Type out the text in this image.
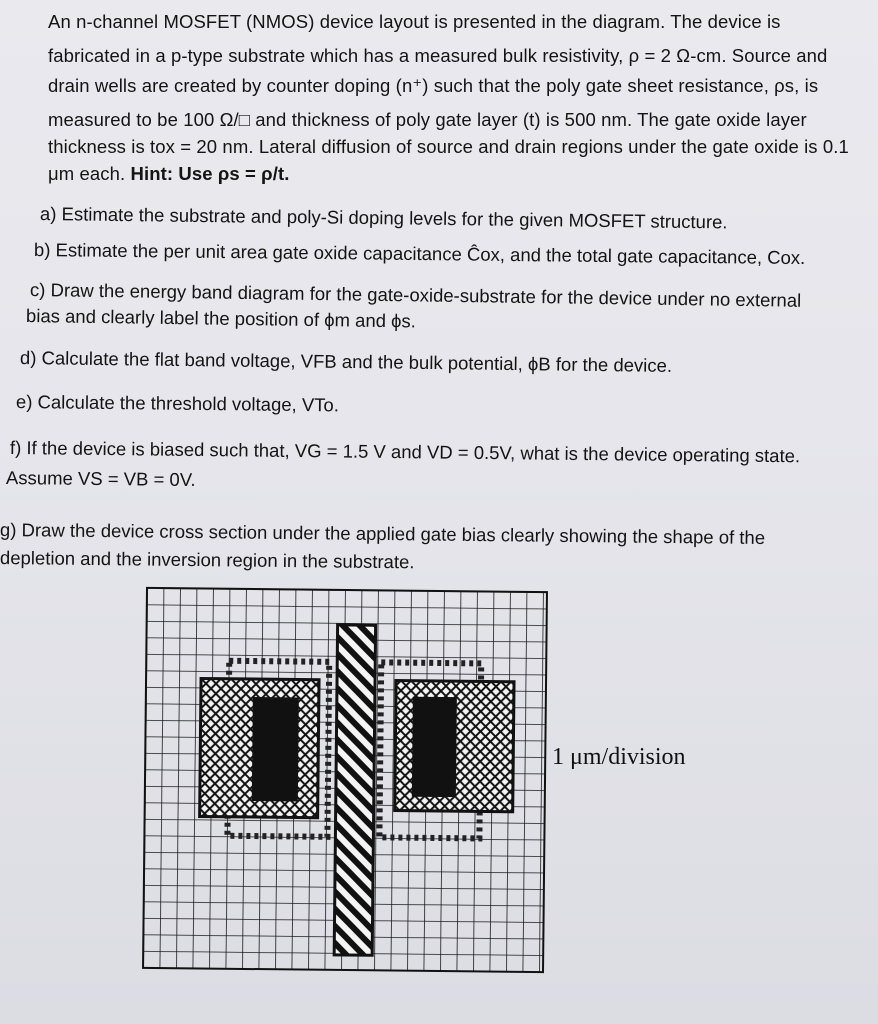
An n-channel MOSFET (NMOS) device layout is presented in the diagram. The device is
fabricated in a p-type substrate which has a measured bulk resistivity, ρ = 2 Ω-cm. Source and
drain wells are created by counter doping (n⁺) such that the poly gate sheet resistance, ρs, is
measured to be 100 Ω/□ and thickness of poly gate layer (t) is 500 nm. The gate oxide layer
thickness is tox = 20 nm. Lateral diffusion of source and drain regions under the gate oxide is 0.1
μm each. Hint: Use ρs = ρ/t.
a) Estimate the substrate and poly-Si doping levels for the given MOSFET structure.
b) Estimate the per unit area gate oxide capacitance Ĉox, and the total gate capacitance, Cox.
c) Draw the energy band diagram for the gate-oxide-substrate for the device under no external
bias and clearly label the position of ϕm and ϕs.
d) Calculate the flat band voltage, VFB and the bulk potential, ϕB for the device.
e) Calculate the threshold voltage, VTo.
f) If the device is biased such that, VG = 1.5 V and VD = 0.5V, what is the device operating state.
Assume VS = VB = 0V.
g) Draw the device cross section under the applied gate bias clearly showing the shape of the
depletion and the inversion region in the substrate.
1 μm/division
